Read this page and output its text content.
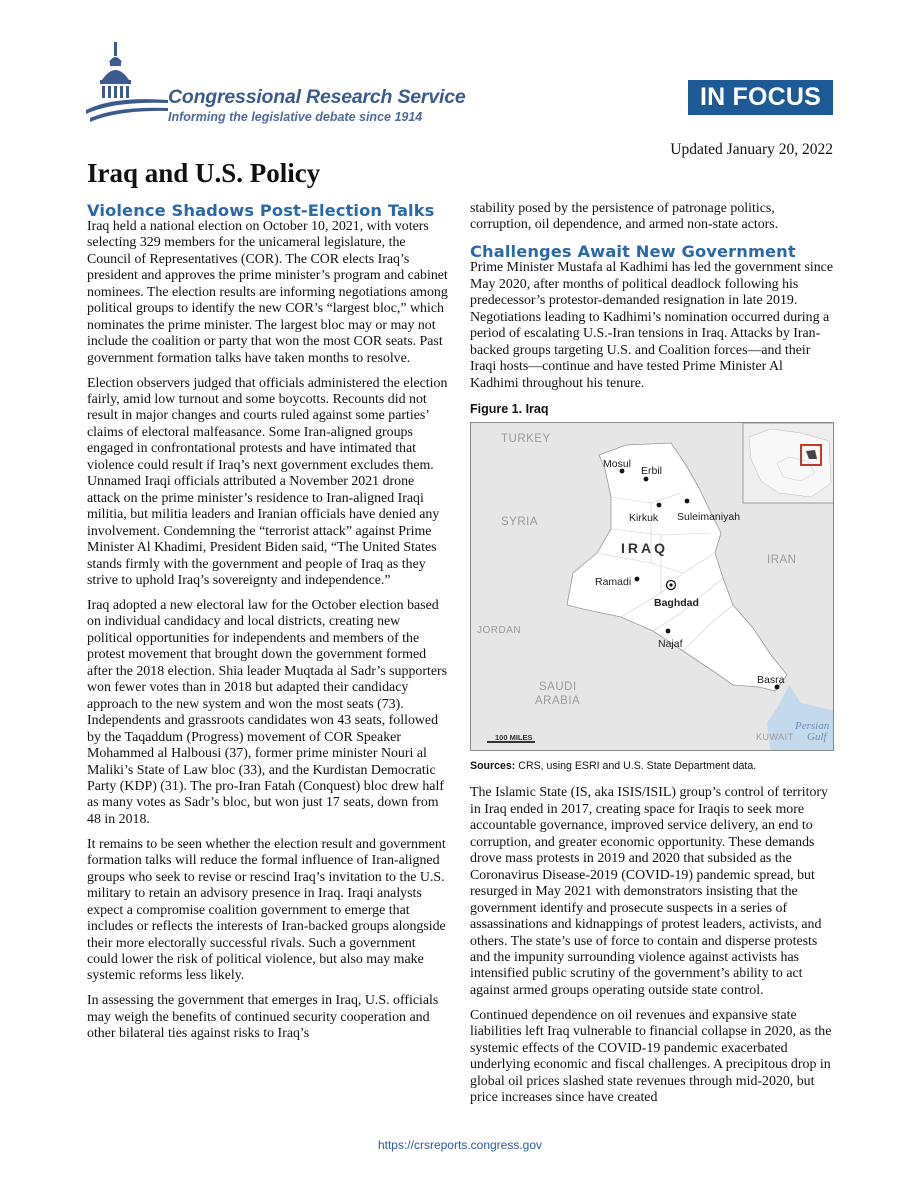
Congressional Research Service
Informing the legislative debate since 1914
IN FOCUS
Updated January 20, 2022
Iraq and U.S. Policy
Violence Shadows Post-Election Talks

Iraq held a national election on October 10, 2021, with voters selecting 329 members for the unicameral legislature, the Council of Representatives (COR). The COR elects Iraq’s president and approves the prime minister’s program and cabinet nominees. The election results are informing negotiations among political groups to identify the new COR’s “largest bloc,” which nominates the prime minister. The largest bloc may or may not include the coalition or party that won the most COR seats. Past government formation talks have taken months to resolve.

Election observers judged that officials administered the election fairly, amid low turnout and some boycotts. Recounts did not result in major changes and courts ruled against some parties’ claims of electoral malfeasance. Some Iran-aligned groups engaged in confrontational protests and have intimated that violence could result if Iraq’s next government excludes them. Unnamed Iraqi officials attributed a November 2021 drone attack on the prime minister’s residence to Iran-aligned Iraqi militia, but militia leaders and Iranian officials have denied any involvement. Condemning the “terrorist attack” against Prime Minister Al Khadimi, President Biden said, “The United States stands firmly with the government and people of Iraq as they strive to uphold Iraq’s sovereignty and independence.”

Iraq adopted a new electoral law for the October election based on individual candidacy and local districts, creating new political opportunities for independents and members of the protest movement that brought down the government formed after the 2018 election. Shia leader Muqtada al Sadr’s supporters won fewer votes than in 2018 but adapted their candidacy approach to the new system and won the most seats (73). Independents and grassroots candidates won 43 seats, followed by the Taqaddum (Progress) movement of COR Speaker Mohammed al Halbousi (37), former prime minister Nouri al Maliki’s State of Law bloc (33), and the Kurdistan Democratic Party (KDP) (31). The pro-Iran Fatah (Conquest) bloc drew half as many votes as Sadr’s bloc, but won just 17 seats, down from 48 in 2018.

It remains to be seen whether the election result and government formation talks will reduce the formal influence of Iran-aligned groups who seek to revise or rescind Iraq’s invitation to the U.S. military to retain an advisory presence in Iraq. Iraqi analysts expect a compromise coalition government to emerge that includes or reflects the interests of Iran-backed groups alongside their more electorally successful rivals. Such a government could lower the risk of political violence, but also may make systemic reforms less likely.

In assessing the government that emerges in Iraq, U.S. officials may weigh the benefits of continued security cooperation and other bilateral ties against risks to Iraq’s

stability posed by the persistence of patronage politics, corruption, oil dependence, and armed non-state actors.

Challenges Await New Government

Prime Minister Mustafa al Kadhimi has led the government since May 2020, after months of political deadlock following his predecessor’s protestor-demanded resignation in late 2019. Negotiations leading to Kadhimi’s nomination occurred during a period of escalating U.S.-Iran tensions in Iraq. Attacks by Iran-backed groups targeting U.S. and Coalition forces—and their Iraqi hosts—continue and have tested Prime Minister Al Kadhimi throughout his tenure.

Figure 1. Iraq
TURKEY
SYRIA
IRAN
JORDAN
SAUDI
ARABIA
KUWAIT
IRAQ
Mosul
Erbil
Kirkuk Suleimaniyah
Ramadi
Baghdad
Najaf
Basra
Persian
Gulf
100 MILES
Sources: CRS, using ESRI and U.S. State Department data.

The Islamic State (IS, aka ISIS/ISIL) group’s control of territory in Iraq ended in 2017, creating space for Iraqis to seek more accountable governance, improved service delivery, an end to corruption, and greater economic opportunity. These demands drove mass protests in 2019 and 2020 that subsided as the Coronavirus Disease-2019 (COVID-19) pandemic spread, but resurged in May 2021 with demonstrators insisting that the government identify and prosecute suspects in a series of assassinations and kidnappings of protest leaders, activists, and others. The state’s use of force to contain and disperse protests and the impunity surrounding violence against activists has intensified public scrutiny of the government’s ability to act against armed groups operating outside state control.

Continued dependence on oil revenues and expansive state liabilities left Iraq vulnerable to financial collapse in 2020, as the systemic effects of the COVID-19 pandemic exacerbated underlying economic and fiscal challenges. A precipitous drop in global oil prices slashed state revenues through mid-2020, but price increases since have created

https://crsreports.congress.gov
